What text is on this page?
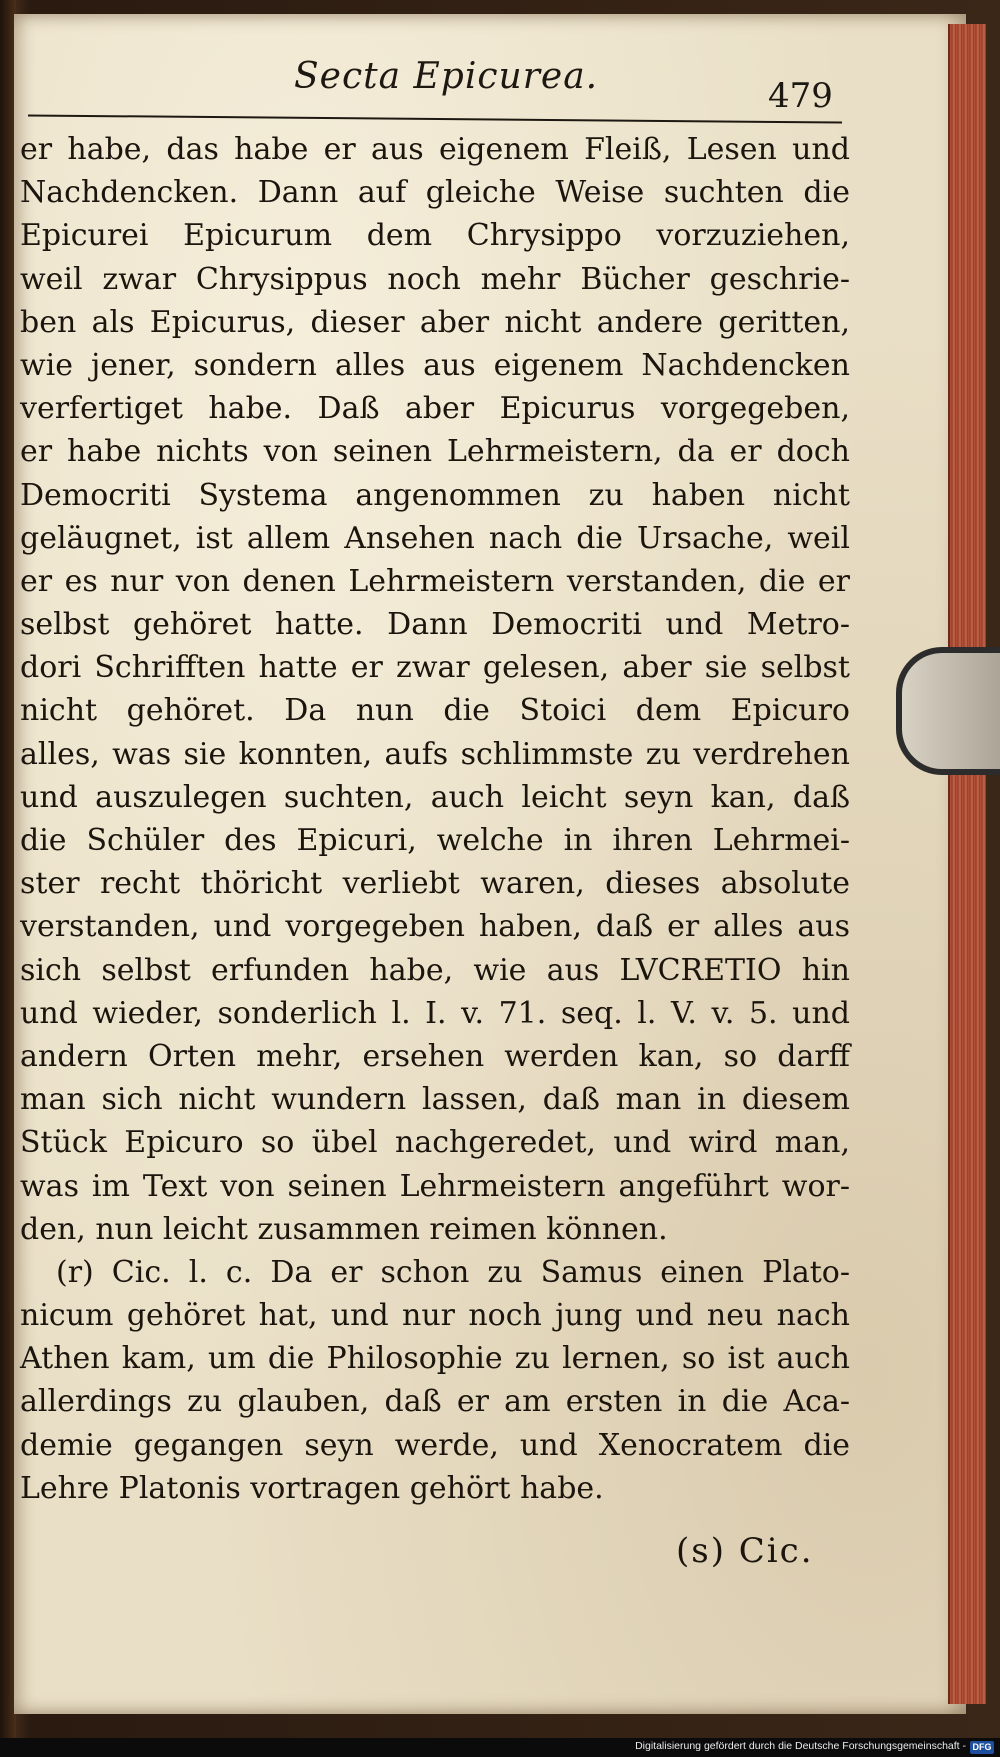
Secta Epicurea.	479
er habe, das habe er aus eigenem Fleiß, Lesen und
Nachdencken. Dann auf gleiche Weise suchten die
Epicurei Epicurum dem Chrysippo vorzuziehen,
weil zwar Chrysippus noch mehr Bücher geschrie-
ben als Epicurus, dieser aber nicht andere geritten,
wie jener, sondern alles aus eigenem Nachdencken
verfertiget habe. Daß aber Epicurus vorgegeben,
er habe nichts von seinen Lehrmeistern, da er doch
Democriti Systema angenommen zu haben nicht
geläugnet, ist allem Ansehen nach die Ursache, weil
er es nur von denen Lehrmeistern verstanden, die er
selbst gehöret hatte. Dann Democriti und Metro-
dori Schrifften hatte er zwar gelesen, aber sie selbst
nicht gehöret. Da nun die Stoici dem Epicuro
alles, was sie konnten, aufs schlimmste zu verdrehen
und auszulegen suchten, auch leicht seyn kan, daß
die Schüler des Epicuri, welche in ihren Lehrmei-
ster recht thöricht verliebt waren, dieses absolute
verstanden, und vorgegeben haben, daß er alles aus
sich selbst erfunden habe, wie aus LVCRETIO hin
und wieder, sonderlich l. I. v. 71. seq. l. V. v. 5. und
andern Orten mehr, ersehen werden kan, so darff
man sich nicht wundern lassen, daß man in diesem
Stück Epicuro so übel nachgeredet, und wird man,
was im Text von seinen Lehrmeistern angeführt wor-
den, nun leicht zusammen reimen können.
(r) Cic. l. c. Da er schon zu Samus einen Plato-
nicum gehöret hat, und nur noch jung und neu nach
Athen kam, um die Philosophie zu lernen, so ist auch
allerdings zu glauben, daß er am ersten in die Aca-
demie gegangen seyn werde, und Xenocratem die
Lehre Platonis vortragen gehört habe.
(s) Cic.
Digitalisierung gefördert durch die Deutsche Forschungsgemeinschaft - DFG
